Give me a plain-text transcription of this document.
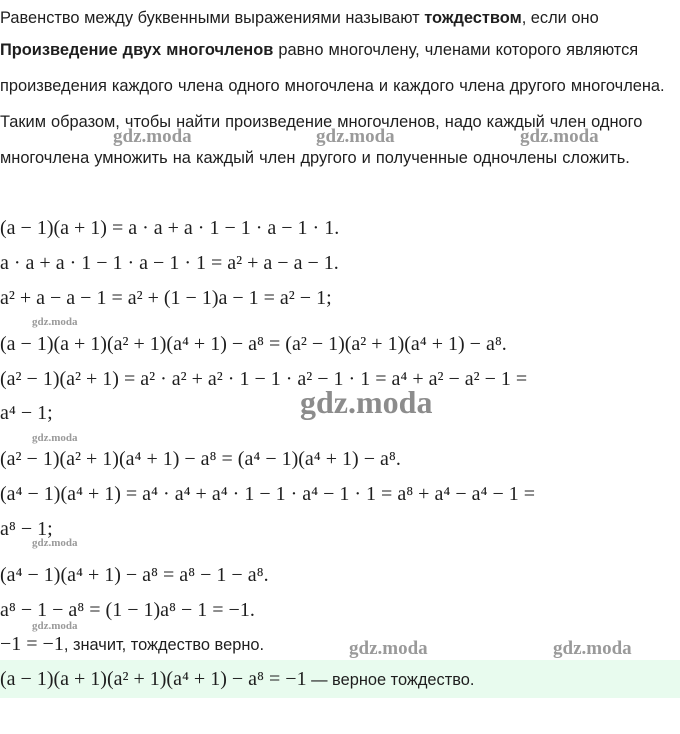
Равенство между буквенными выражениями называют тождеством, если оно

Произведение двух многочленов равно многочлену, членами которого являются произведения каждого члена одного многочлена и каждого члена другого многочлена. Таким образом, чтобы найти произведение многочленов, надо каждый член одного многочлена умножить на каждый член другого и полученные одночлены сложить.

(a − 1)(a + 1) = a · a + a · 1 − 1 · a − 1 · 1.
a · a + a · 1 − 1 · a − 1 · 1 = a² + a − a − 1.
a² + a − a − 1 = a² + (1 − 1)a − 1 = a² − 1;
(a − 1)(a + 1)(a² + 1)(a⁴ + 1) − a⁸ = (a² − 1)(a² + 1)(a⁴ + 1) − a⁸.
(a² − 1)(a² + 1) = a² · a² + a² · 1 − 1 · a² − 1 · 1 = a⁴ + a² − a² − 1 =
a⁴ − 1;
(a² − 1)(a² + 1)(a⁴ + 1) − a⁸ = (a⁴ − 1)(a⁴ + 1) − a⁸.
(a⁴ − 1)(a⁴ + 1) = a⁴ · a⁴ + a⁴ · 1 − 1 · a⁴ − 1 · 1 = a⁸ + a⁴ − a⁴ − 1 =
a⁸ − 1;
(a⁴ − 1)(a⁴ + 1) − a⁸ = a⁸ − 1 − a⁸.
a⁸ − 1 − a⁸ = (1 − 1)a⁸ − 1 = −1.
−1 = −1, значит, тождество верно.
(a − 1)(a + 1)(a² + 1)(a⁴ + 1) − a⁸ = −1 — верное тождество.
gdz.moda	gdz.moda	gdz.moda
gdz.moda
gdz.moda
gdz.moda
gdz.moda
gdz.moda
gdz.moda	gdz.moda
